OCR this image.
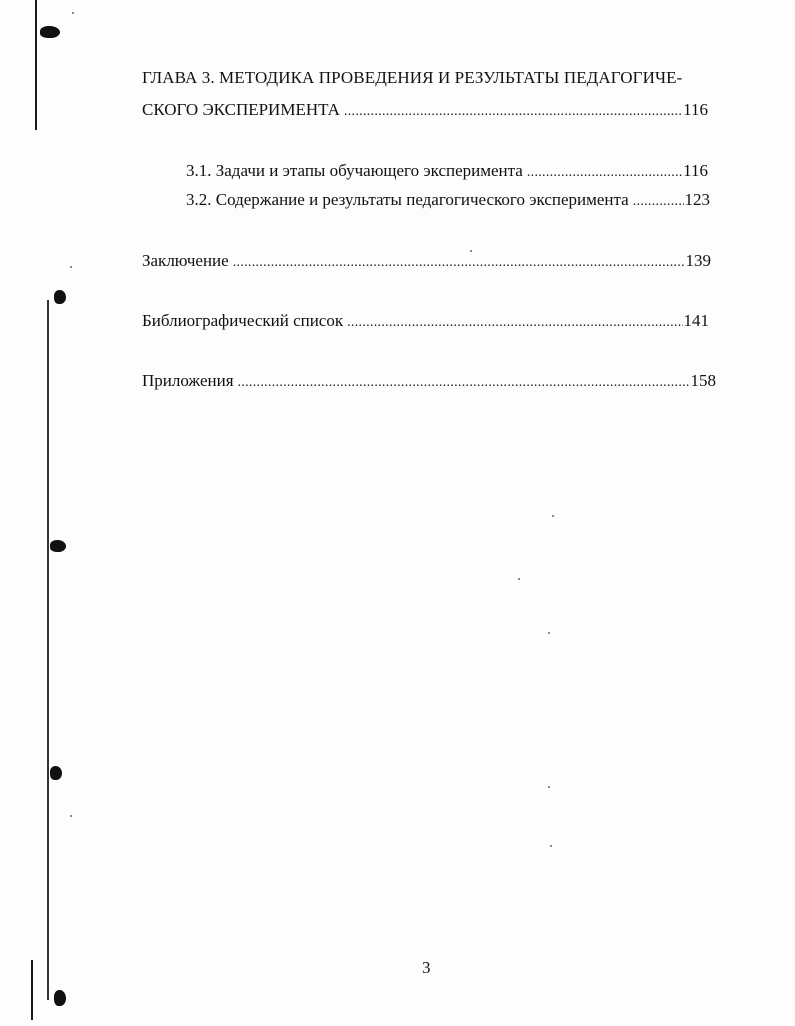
ГЛАВА 3. МЕТОДИКА ПРОВЕДЕНИЯ И РЕЗУЛЬТАТЫ ПЕДАГОГИЧЕ-
СКОГО ЭКСПЕРИМЕНТА . . .	116
3.1. Задачи и этапы обучающего эксперимента . . .	116
3.2. Содержание и результаты педагогического эксперимента . . .	123
Заключение . . .	139
Библиографический список . . .	141
Приложения . . .	158
3
